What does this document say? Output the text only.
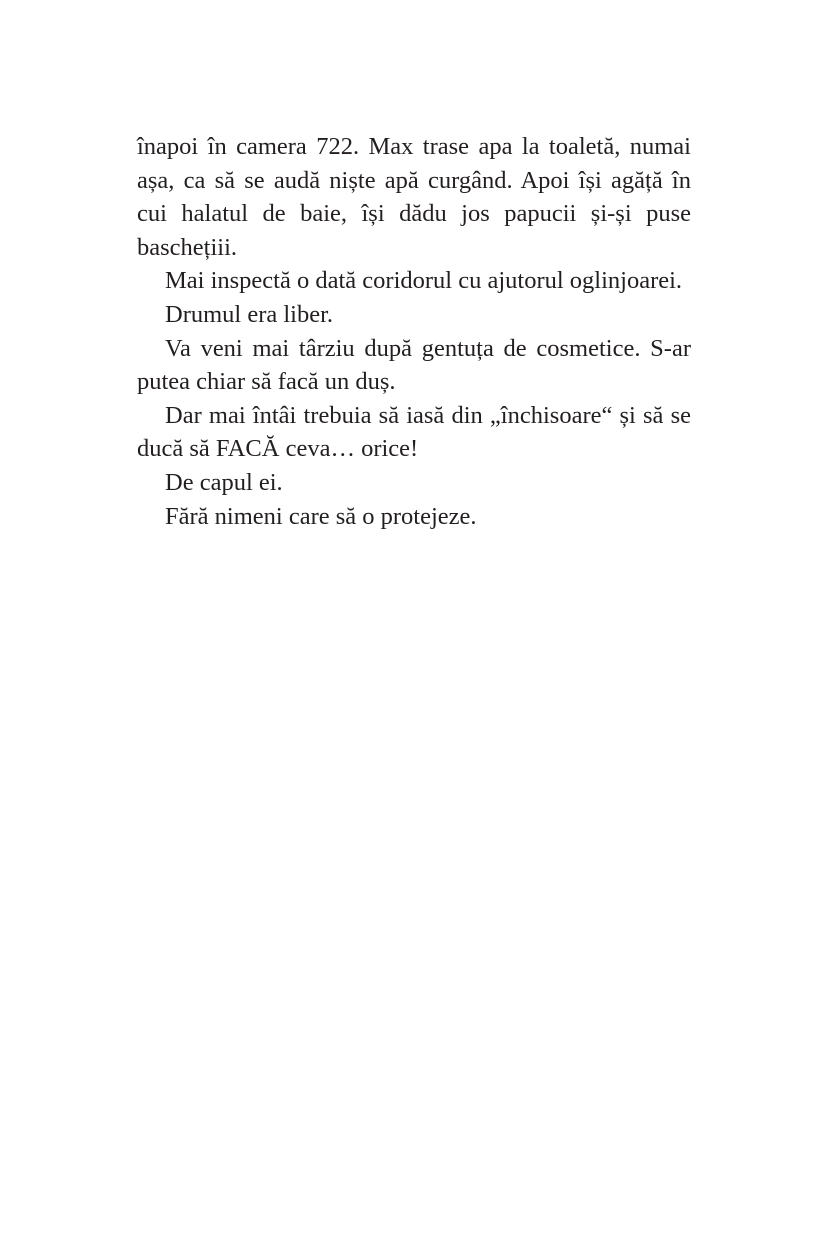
înapoi în camera 722. Max trase apa la toaletă, numai așa, ca să se audă niște apă curgând. Apoi își agăță în cui halatul de baie, își dădu jos papucii și-și puse baschețiii.

Mai inspectă o dată coridorul cu ajutorul oglinjoarei.

Drumul era liber.

Va veni mai târziu după gentuța de cosmetice. S-ar putea chiar să facă un duș.

Dar mai întâi trebuia să iasă din „închisoare“ și să se ducă să FACĂ ceva… orice!

De capul ei.

Fără nimeni care să o protejeze.
